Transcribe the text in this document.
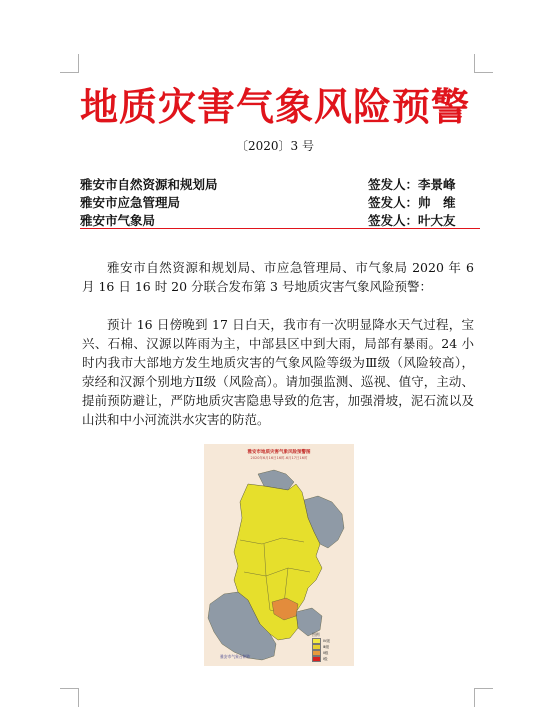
地质灾害气象风险预警
〔2020〕3 号
雅安市自然资源和规划局	签发人：李景峰
雅安市应急管理局	签发人：帅　维
雅安市气象局	签发人：叶大友
雅安市自然资源和规划局、市应急管理局、市气象局 2020 年 6 月 16 日 16 时 20 分联合发布第 3 号地质灾害气象风险预警：
预计 16 日傍晚到 17 日白天，我市有一次明显降水天气过程，宝兴、石棉、汉源以阵雨为主，中部县区中到大雨，局部有暴雨。24 小时内我市大部地方发生地质灾害的气象风险等级为Ⅲ级（风险较高），荥经和汉源个别地方Ⅱ级（风险高）。请加强监测、巡视、值守，主动、提前预防避让，严防地质灾害隐患导致的危害，加强滑坡，泥石流以及山洪和中小河流洪水灾害的防范。
雅安市地质灾害气象风险预警图
2020年6月16日16时-6月17日16时
图例
Ⅳ级
Ⅲ级
Ⅱ级
Ⅰ级
雅安市气象台制作
